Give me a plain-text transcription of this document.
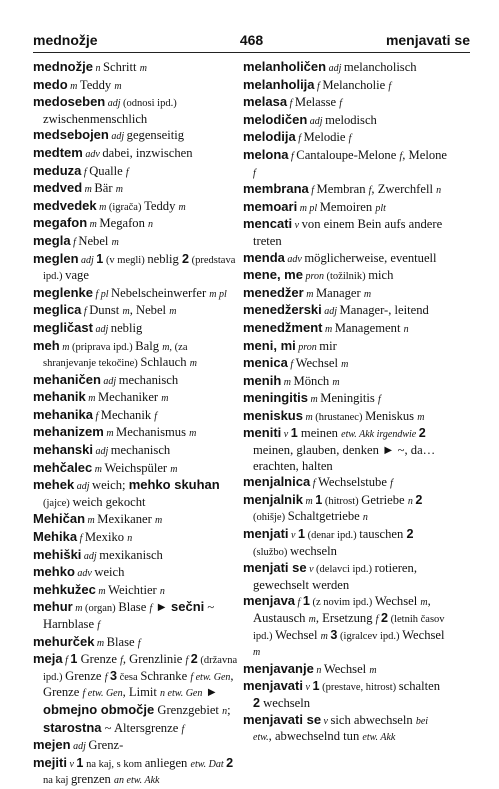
mednožje	468	menjavati se
mednožje n Schritt m
medo m Teddy m
medoseben adj (odnosi ipd.) zwischenmenschlich
medsebojen adj gegenseitig
medtem adv dabei, inzwischen
meduza f Qualle f
medved m Bär m
medvedek m (igrača) Teddy m
megafon m Megafon n
megla f Nebel m
meglen adj 1 (v megli) neblig 2 (predstava ipd.) vage
meglenke f pl Nebelscheinwerfer m pl
meglica f Dunst m, Nebel m
megličast adj neblig
meh m (priprava ipd.) Balg m, (za shranjevanje tekočine) Schlauch m
mehaničen adj mechanisch
mehanik m Mechaniker m
mehanika f Mechanik f
mehanizem m Mechanismus m
mehanski adj mechanisch
mehčalec m Weichspüler m
mehek adj weich; mehko skuhan (jajce) weich gekocht
Mehičan m Mexikaner m
Mehika f Mexiko n
mehiški adj mexikanisch
mehko adv weich
mehkužec m Weichtier n
mehur m (organ) Blase f ► sečni ~ Harnblase f
mehurček m Blase f
meja f 1 Grenze f, Grenzlinie f 2 (državna ipd.) Grenze f 3 česa Schranke f etw. Gen, Grenze f etw. Gen, Limit n etw. Gen ► obmejno območje Grenzgebiet n; starostna ~ Altersgrenze f
mejen adj Grenz-
mejiti v 1 na kaj, s kom anliegen etw. Dat 2 na kaj grenzen an etw. Akk
melanholičen adj melancholisch
melanholija f Melancholie f
melasa f Melasse f
melodičen adj melodisch
melodija f Melodie f
melona f Cantaloupe-Melone f, Melone f
membrana f Membran f, Zwerchfell n
memoari m pl Memoiren plt
mencati v von einem Bein aufs andere treten
menda adv möglicherweise, eventuell
mene, me pron (tožilnik) mich
menedžer m Manager m
menedžerski adj Manager-, leitend
menedžment m Management n
meni, mi pron mir
menica f Wechsel m
menih m Mönch m
meningitis m Meningitis f
meniskus m (hrustanec) Meniskus m
meniti v 1 meinen etw. Akk irgendwie 2 meinen, glauben, denken ► ~, da… erachten, halten
menjalnica f Wechselstube f
menjalnik m 1 (hitrost) Getriebe n 2 (ohišje) Schaltgetriebe n
menjati v 1 (denar ipd.) tauschen 2 (službo) wechseln
menjati se v (delavci ipd.) rotieren, gewechselt werden
menjava f 1 (z novim ipd.) Wechsel m, Austausch m, Ersetzung f 2 (letnih časov ipd.) Wechsel m 3 (igralcev ipd.) Wechsel m
menjavanje n Wechsel m
menjavati v 1 (prestave, hitrost) schalten 2 wechseln
menjavati se v sich abwechseln bei etw., abwechselnd tun etw. Akk
